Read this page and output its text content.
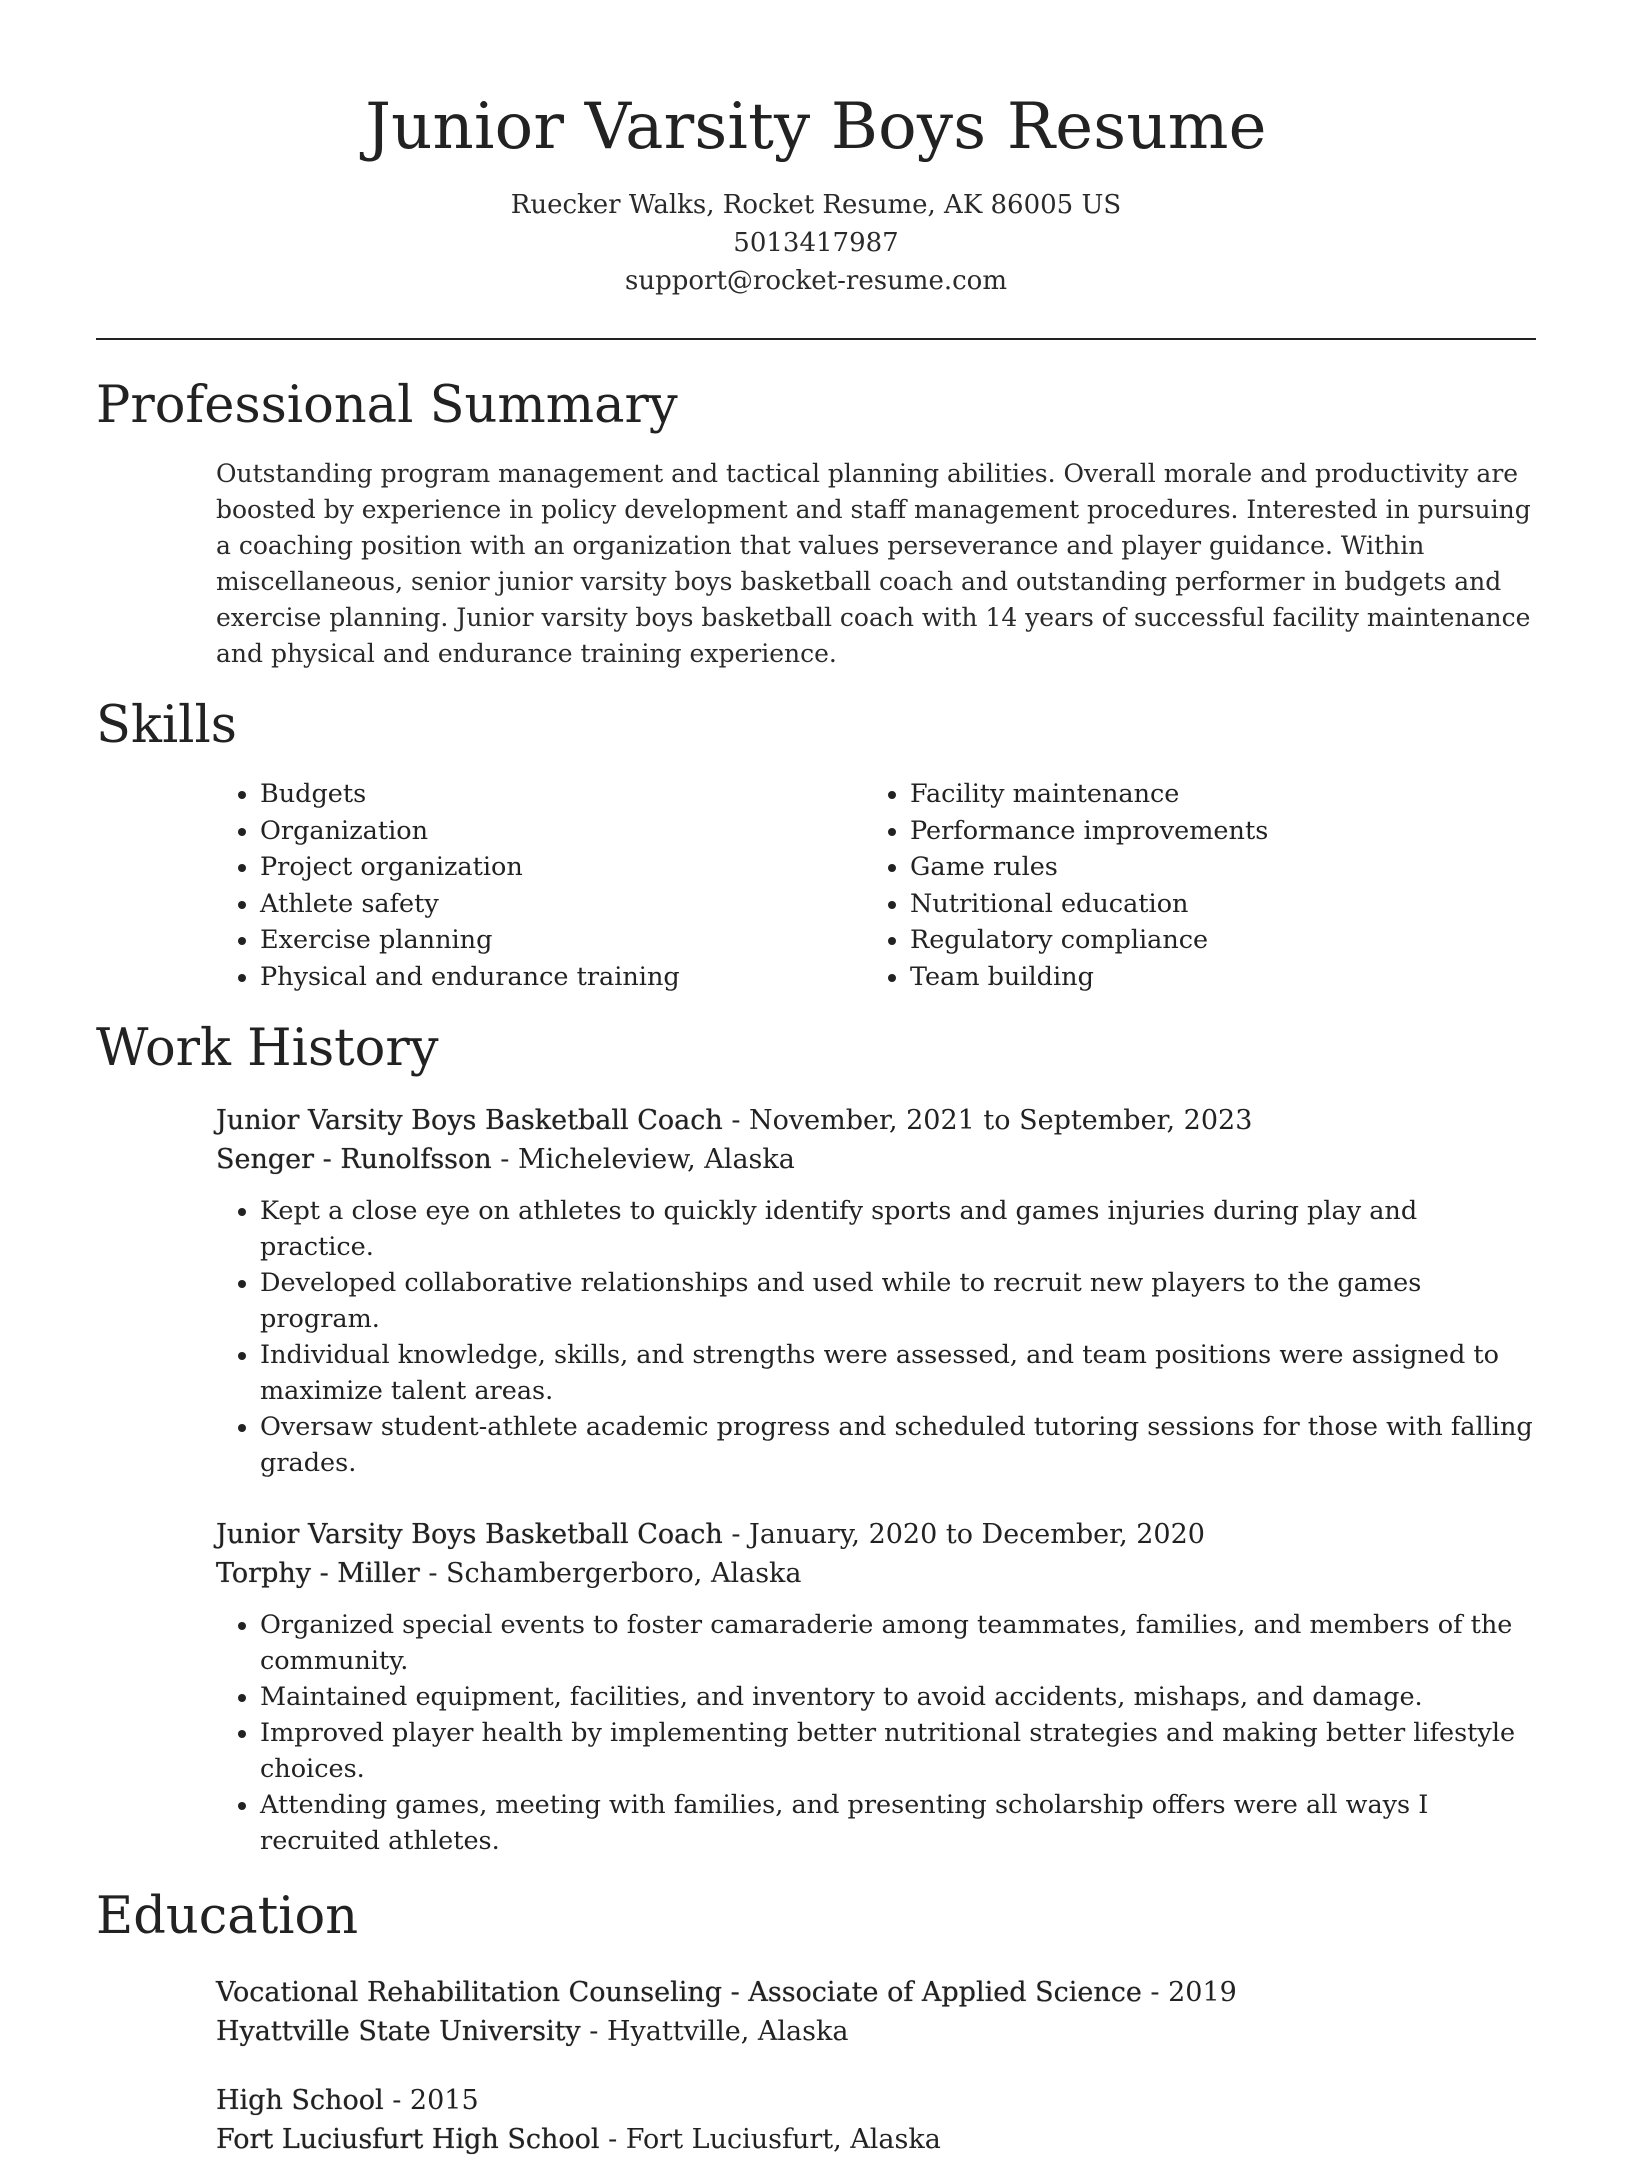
Junior Varsity Boys Resume
Ruecker Walks, Rocket Resume, AK 86005 US
5013417987
support@rocket-resume.com
Professional Summary
Outstanding program management and tactical planning abilities. Overall morale and productivity are boosted by experience in policy development and staff management procedures. Interested in pursuing a coaching position with an organization that values perseverance and player guidance. Within miscellaneous, senior junior varsity boys basketball coach and outstanding performer in budgets and exercise planning. Junior varsity boys basketball coach with 14 years of successful facility maintenance and physical and endurance training experience.
Skills
• Budgets
• Organization
• Project organization
• Athlete safety
• Exercise planning
• Physical and endurance training
• Facility maintenance
• Performance improvements
• Game rules
• Nutritional education
• Regulatory compliance
• Team building
Work History
Junior Varsity Boys Basketball Coach - November, 2021 to September, 2023
Senger - Runolfsson - Micheleview, Alaska
• Kept a close eye on athletes to quickly identify sports and games injuries during play and practice.
• Developed collaborative relationships and used while to recruit new players to the games program.
• Individual knowledge, skills, and strengths were assessed, and team positions were assigned to maximize talent areas.
• Oversaw student-athlete academic progress and scheduled tutoring sessions for those with falling grades.
Junior Varsity Boys Basketball Coach - January, 2020 to December, 2020
Torphy - Miller - Schambergerboro, Alaska
• Organized special events to foster camaraderie among teammates, families, and members of the community.
• Maintained equipment, facilities, and inventory to avoid accidents, mishaps, and damage.
• Improved player health by implementing better nutritional strategies and making better lifestyle choices.
• Attending games, meeting with families, and presenting scholarship offers were all ways I recruited athletes.
Education
Vocational Rehabilitation Counseling - Associate of Applied Science - 2019
Hyattville State University - Hyattville, Alaska
High School - 2015
Fort Luciusfurt High School - Fort Luciusfurt, Alaska
